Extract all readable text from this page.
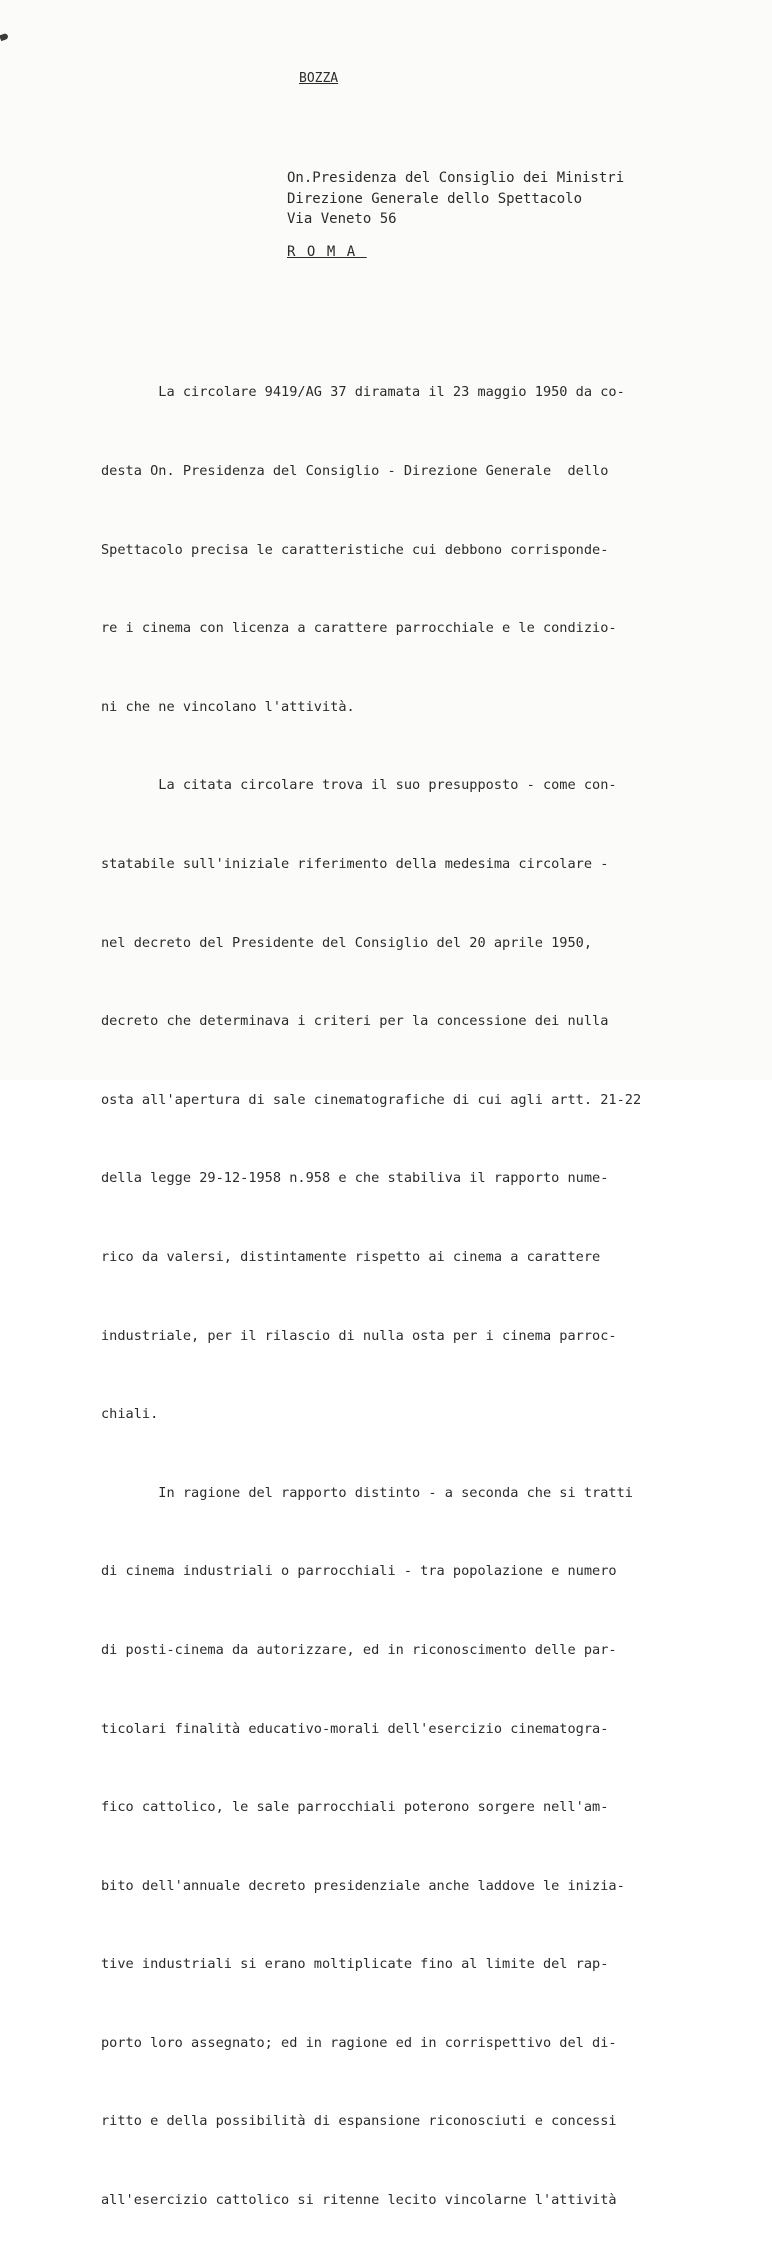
BOZZA
On.Presidenza del Consiglio dei Ministri
Direzione Generale dello Spettacolo
Via Veneto 56
ROMA

La circolare 9419/AG 37 diramata il 23 maggio 1950 da co-

desta On. Presidenza del Consiglio - Direzione Generale  dello

Spettacolo precisa le caratteristiche cui debbono corrisponde-

re i cinema con licenza a carattere parrocchiale e le condizio-

ni che ne vincolano l'attività.

La citata circolare trova il suo presupposto - come con-

statabile sull'iniziale riferimento della medesima circolare -

nel decreto del Presidente del Consiglio del 20 aprile 1950,

decreto che determinava i criteri per la concessione dei nulla

osta all'apertura di sale cinematografiche di cui agli artt. 21-22

della legge 29-12-1958 n.958 e che stabiliva il rapporto nume-

rico da valersi, distintamente rispetto ai cinema a carattere

industriale, per il rilascio di nulla osta per i cinema parroc-

chiali.

In ragione del rapporto distinto - a seconda che si tratti

di cinema industriali o parrocchiali - tra popolazione e numero

di posti-cinema da autorizzare, ed in riconoscimento delle par-

ticolari finalità educativo-morali dell'esercizio cinematogra-

fico cattolico, le sale parrocchiali poterono sorgere nell'am-

bito dell'annuale decreto presidenziale anche laddove le inizia-

tive industriali si erano moltiplicate fino al limite del rap-

porto loro assegnato; ed in ragione ed in corrispettivo del di-

ritto e della possibilità di espansione riconosciuti e concessi

all'esercizio cattolico si ritenne lecito vincolarne l'attività
